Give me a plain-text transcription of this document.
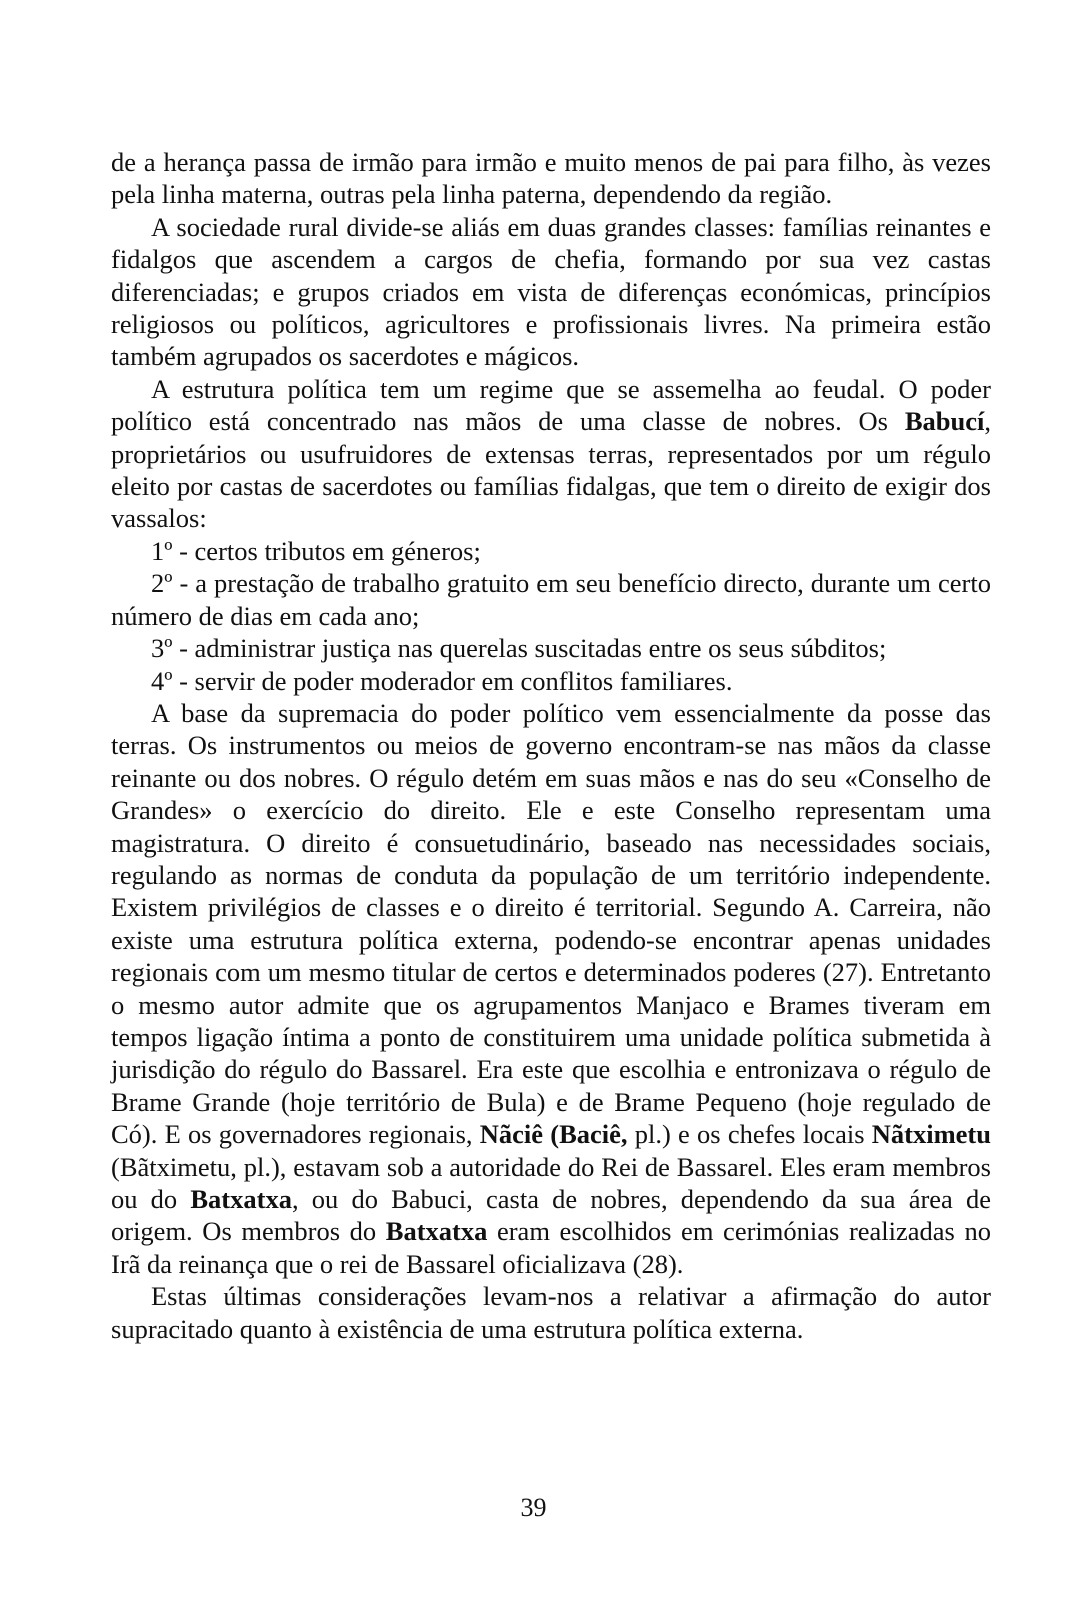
de a herança passa de irmão para irmão e muito menos de pai para filho, às vezes pela linha materna, outras pela linha paterna, dependendo da região.

A sociedade rural divide-se aliás em duas grandes classes: famílias reinantes e fidalgos que ascendem a cargos de chefia, formando por sua vez castas diferenciadas; e grupos criados em vista de diferenças económicas, princípios religiosos ou políticos, agricultores e profissionais livres. Na primeira estão também agrupados os sacerdotes e mágicos.

A estrutura política tem um regime que se assemelha ao feudal. O poder político está concentrado nas mãos de uma classe de nobres. Os Babucí, proprietários ou usufruidores de extensas terras, representados por um régulo eleito por castas de sacerdotes ou famílias fidalgas, que tem o direito de exigir dos vassalos:

1º - certos tributos em géneros;

2º - a prestação de trabalho gratuito em seu benefício directo, durante um certo número de dias em cada ano;

3º - administrar justiça nas querelas suscitadas entre os seus súbditos;

4º - servir de poder moderador em conflitos familiares.

A base da supremacia do poder político vem essencialmente da posse das terras. Os instrumentos ou meios de governo encontram-se nas mãos da classe reinante ou dos nobres. O régulo detém em suas mãos e nas do seu «Conselho de Grandes» o exercício do direito. Ele e este Conselho representam uma magistratura. O direito é consuetudinário, baseado nas necessidades sociais, regulando as normas de conduta da população de um território independente. Existem privilégios de classes e o direito é territorial. Segundo A. Carreira, não existe uma estrutura política externa, podendo-se encontrar apenas unidades regionais com um mesmo titular de certos e determinados poderes (27). Entretanto o mesmo autor admite que os agrupamentos Manjaco e Brames tiveram em tempos ligação íntima a ponto de constituirem uma unidade política submetida à jurisdição do régulo do Bassarel. Era este que escolhia e entronizava o régulo de Brame Grande (hoje território de Bula) e de Brame Pequeno (hoje regulado de Có). E os governadores regionais, Nãciê (Baciê, pl.) e os chefes locais Nãtximetu (Bãtximetu, pl.), estavam sob a autoridade do Rei de Bassarel. Eles eram membros ou do Batxatxa, ou do Babuci, casta de nobres, dependendo da sua área de origem. Os membros do Batxatxa eram escolhidos em cerimónias realizadas no Irã da reinança que o rei de Bassarel oficializava (28).

Estas últimas considerações levam-nos a relativar a afirmação do autor supracitado quanto à existência de uma estrutura política externa.

39
